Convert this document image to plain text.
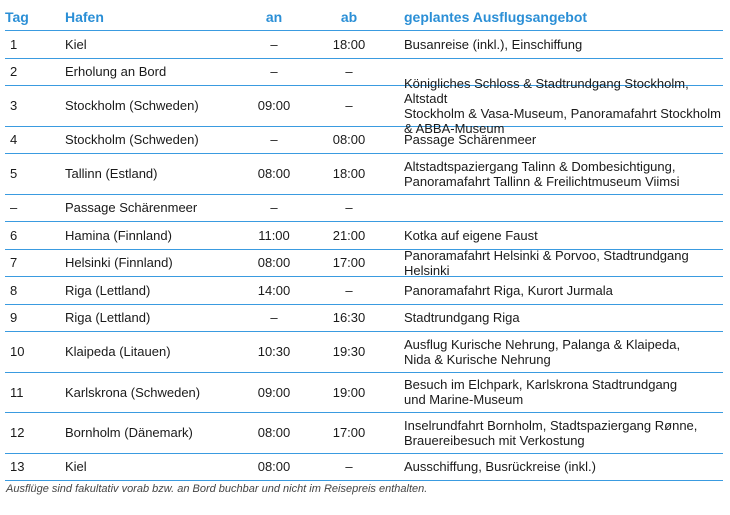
Tag	Hafen	an	ab	geplantes Ausflugsangebot
1	Kiel	–	18:00	Busanreise (inkl.), Einschiffung
2	Erholung an Bord	–	–
3	Stockholm (Schweden)	09:00	–
Königliches Schloss & Stadtrundgang Stockholm, Altstadt
Stockholm & Vasa-Museum, Panoramafahrt Stockholm & ABBA-Museum
4	Stockholm (Schweden)	–	08:00	Passage Schärenmeer
5	Tallinn (Estland)	08:00	18:00	Altstadtspaziergang Talinn & Dombesichtigung,
Panoramafahrt Tallinn & Freilichtmuseum Viimsi
–	Passage Schärenmeer	–	–
6	Hamina (Finnland)	11:00	21:00	Kotka auf eigene Faust
7	Helsinki (Finnland)	08:00	17:00	Panoramafahrt Helsinki & Porvoo, Stadtrundgang Helsinki
8	Riga (Lettland)	14:00	–	Panoramafahrt Riga, Kurort Jurmala
9	Riga (Lettland)	–	16:30	Stadtrundgang Riga
10	Klaipeda (Litauen)	10:30	19:30	Ausflug Kurische Nehrung, Palanga & Klaipeda,
Nida & Kurische Nehrung
11	Karlskrona (Schweden)	09:00	19:00	Besuch im Elchpark, Karlskrona Stadtrundgang
und Marine-Museum
12	Bornholm (Dänemark)	08:00	17:00	Inselrundfahrt Bornholm, Stadtspaziergang Rønne,
Brauereibesuch mit Verkostung
13	Kiel	08:00	–	Ausschiffung, Busrückreise (inkl.)
Ausflüge sind fakultativ vorab bzw. an Bord buchbar und nicht im Reisepreis enthalten.
